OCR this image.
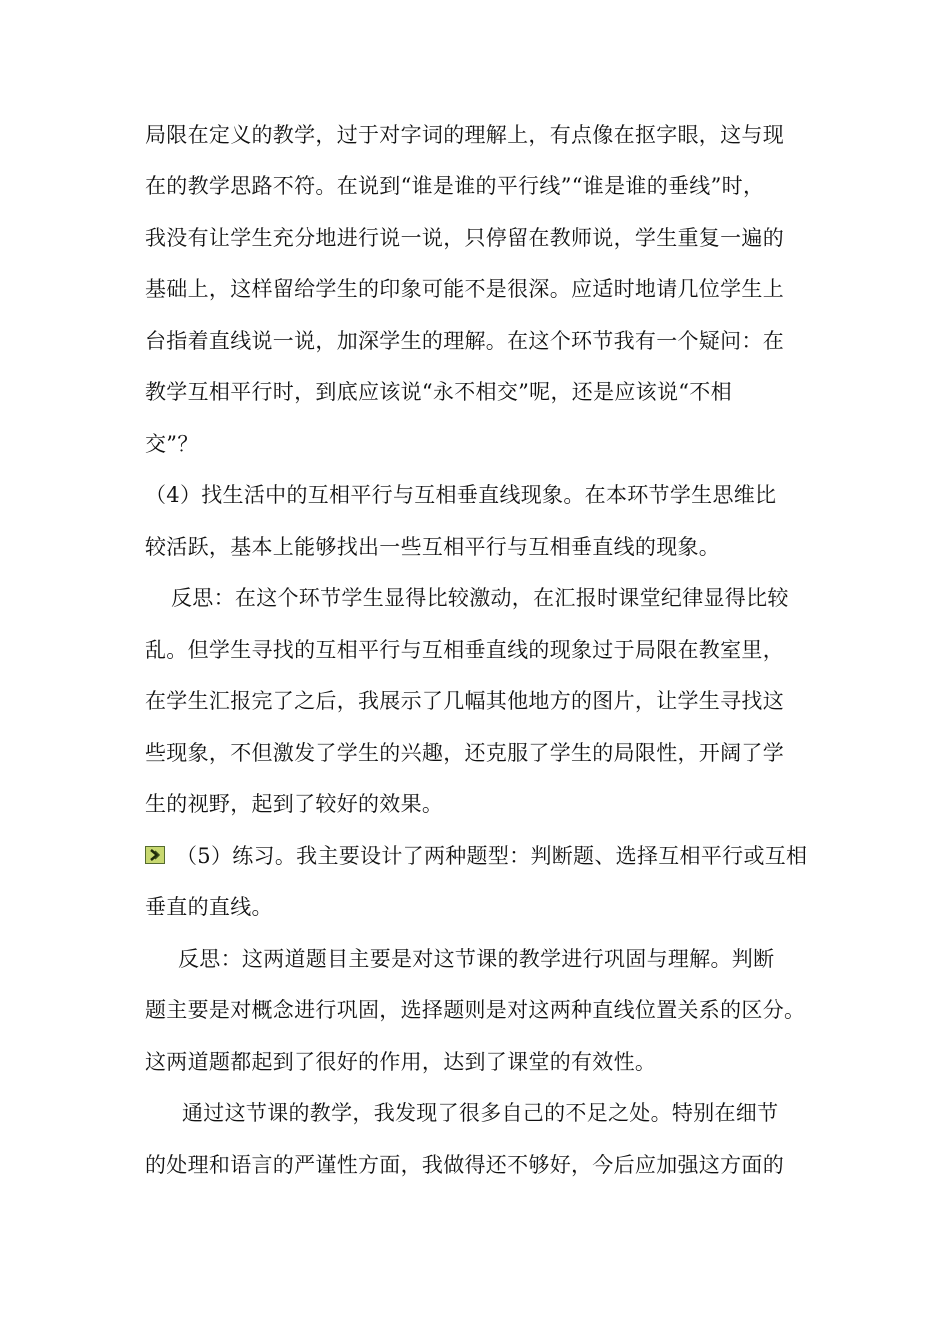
局限在定义的教学，过于对字词的理解上，有点像在抠字眼，这与现
在的教学思路不符。在说到“谁是谁的平行线”“谁是谁的垂线”时，
我没有让学生充分地进行说一说，只停留在教师说，学生重复一遍的
基础上，这样留给学生的印象可能不是很深。应适时地请几位学生上
台指着直线说一说，加深学生的理解。在这个环节我有一个疑问：在
教学互相平行时，到底应该说“永不相交”呢，还是应该说“不相
交”？
（4）找生活中的互相平行与互相垂直线现象。在本环节学生思维比
较活跃，基本上能够找出一些互相平行与互相垂直线的现象。
反思：在这个环节学生显得比较激动，在汇报时课堂纪律显得比较
乱。但学生寻找的互相平行与互相垂直线的现象过于局限在教室里，
在学生汇报完了之后，我展示了几幅其他地方的图片，让学生寻找这
些现象，不但激发了学生的兴趣，还克服了学生的局限性，开阔了学
生的视野，起到了较好的效果。
（5）练习。我主要设计了两种题型：判断题、选择互相平行或互相
垂直的直线。
反思：这两道题目主要是对这节课的教学进行巩固与理解。判断
题主要是对概念进行巩固，选择题则是对这两种直线位置关系的区分。
这两道题都起到了很好的作用，达到了课堂的有效性。
通过这节课的教学，我发现了很多自己的不足之处。特别在细节
的处理和语言的严谨性方面，我做得还不够好，今后应加强这方面的
